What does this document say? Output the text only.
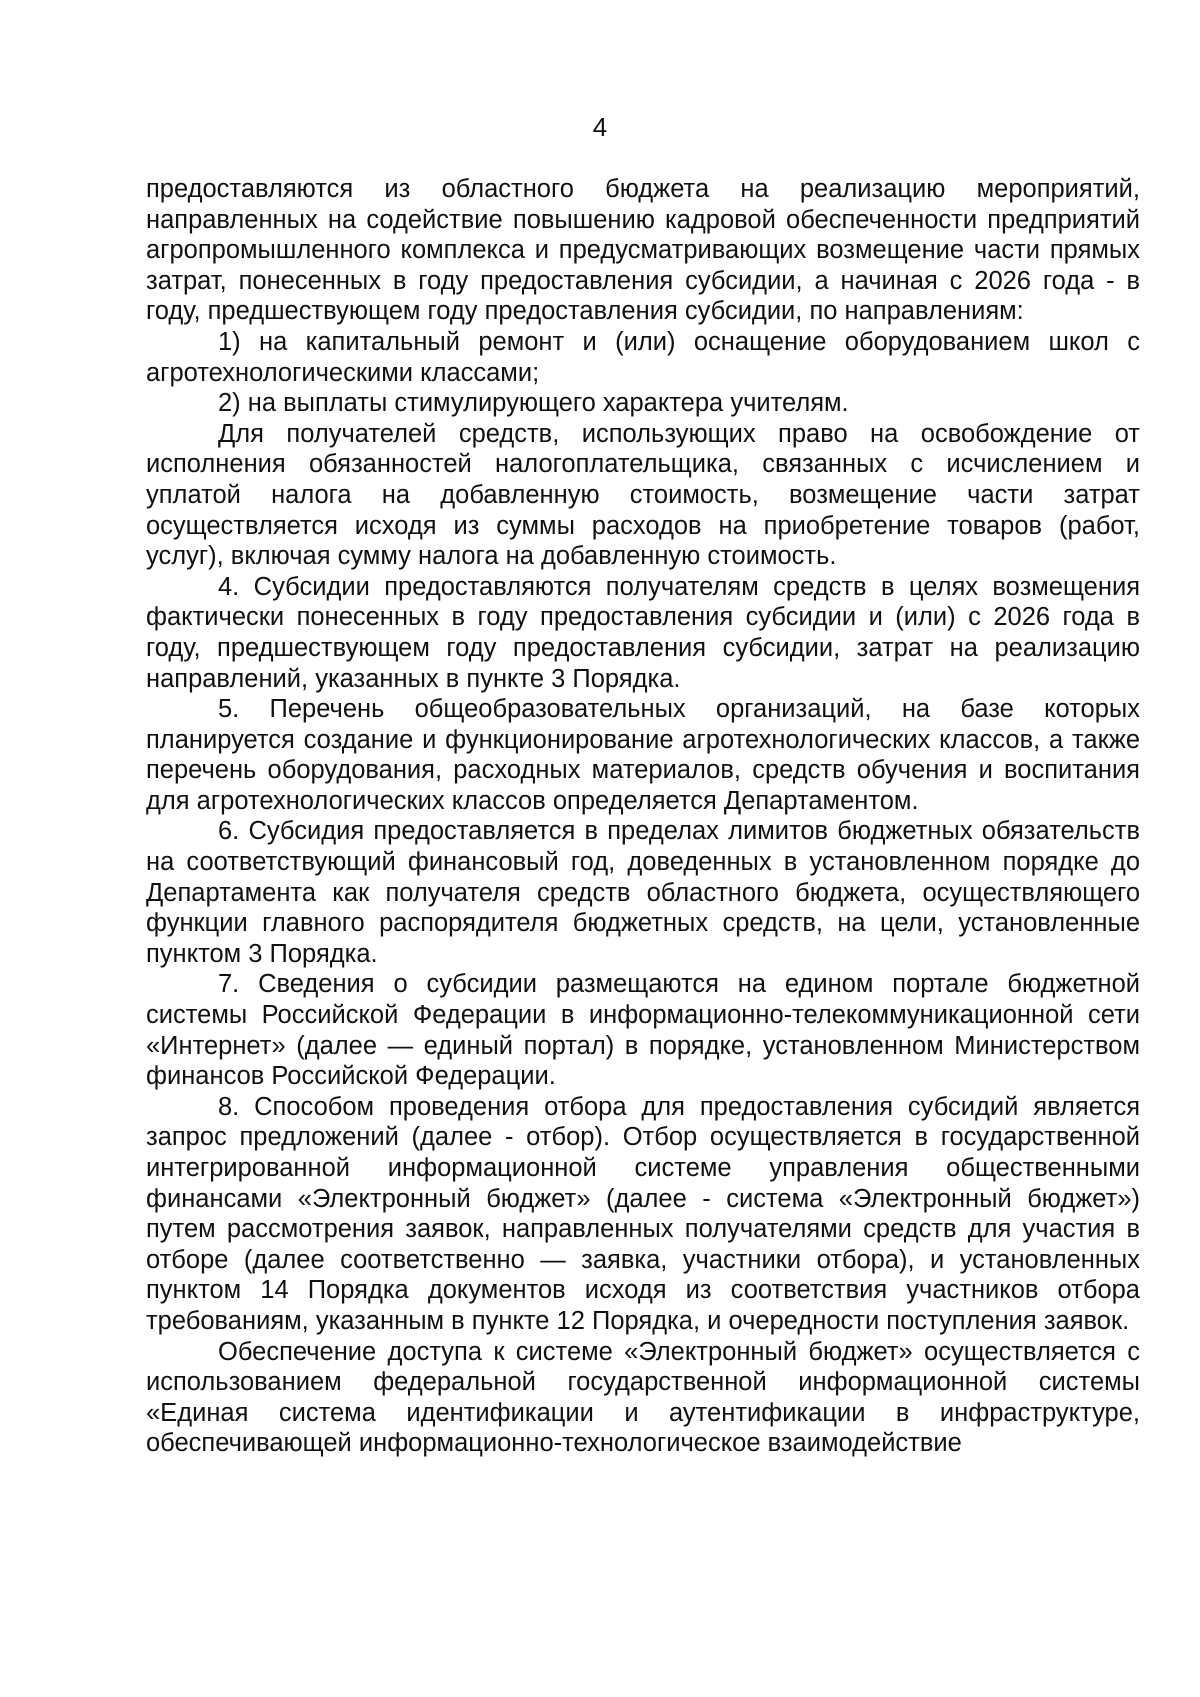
4

предоставляются из областного бюджета на реализацию мероприятий, направленных на содействие повышению кадровой обеспеченности предприятий агропромышленного комплекса и предусматривающих возмещение части прямых затрат, понесенных в году предоставления субсидии, а начиная с 2026 года - в году, предшествующем году предоставления субсидии, по направлениям:

1) на капитальный ремонт и (или) оснащение оборудованием школ с агротехнологическими классами;

2) на выплаты стимулирующего характера учителям.

Для получателей средств, использующих право на освобождение от исполнения обязанностей налогоплательщика, связанных с исчислением и уплатой налога на добавленную стоимость, возмещение части затрат осуществляется исходя из суммы расходов на приобретение товаров (работ, услуг), включая сумму налога на добавленную стоимость.

4. Субсидии предоставляются получателям средств в целях возмещения фактически понесенных в году предоставления субсидии и (или) с 2026 года в году, предшествующем году предоставления субсидии, затрат на реализацию направлений, указанных в пункте 3 Порядка.

5. Перечень общеобразовательных организаций, на базе которых планируется создание и функционирование агротехнологических классов, а также перечень оборудования, расходных материалов, средств обучения и воспитания для агротехнологических классов определяется Департаментом.

6. Субсидия предоставляется в пределах лимитов бюджетных обязательств на соответствующий финансовый год, доведенных в установленном порядке до Департамента как получателя средств областного бюджета, осуществляющего функции главного распорядителя бюджетных средств, на цели, установленные пунктом 3 Порядка.

7. Сведения о субсидии размещаются на едином портале бюджетной системы Российской Федерации в информационно-телекоммуникационной сети «Интернет» (далее — единый портал) в порядке, установленном Министерством финансов Российской Федерации.

8. Способом проведения отбора для предоставления субсидий является запрос предложений (далее - отбор). Отбор осуществляется в государственной интегрированной информационной системе управления общественными финансами «Электронный бюджет» (далее - система «Электронный бюджет») путем рассмотрения заявок, направленных получателями средств для участия в отборе (далее соответственно — заявка, участники отбора), и установленных пунктом 14 Порядка документов исходя из соответствия участников отбора требованиям, указанным в пункте 12 Порядка, и очередности поступления заявок.

Обеспечение доступа к системе «Электронный бюджет» осуществляется с использованием федеральной государственной информационной системы «Единая система идентификации и аутентификации в инфраструктуре, обеспечивающей информационно-технологическое взаимодействие
